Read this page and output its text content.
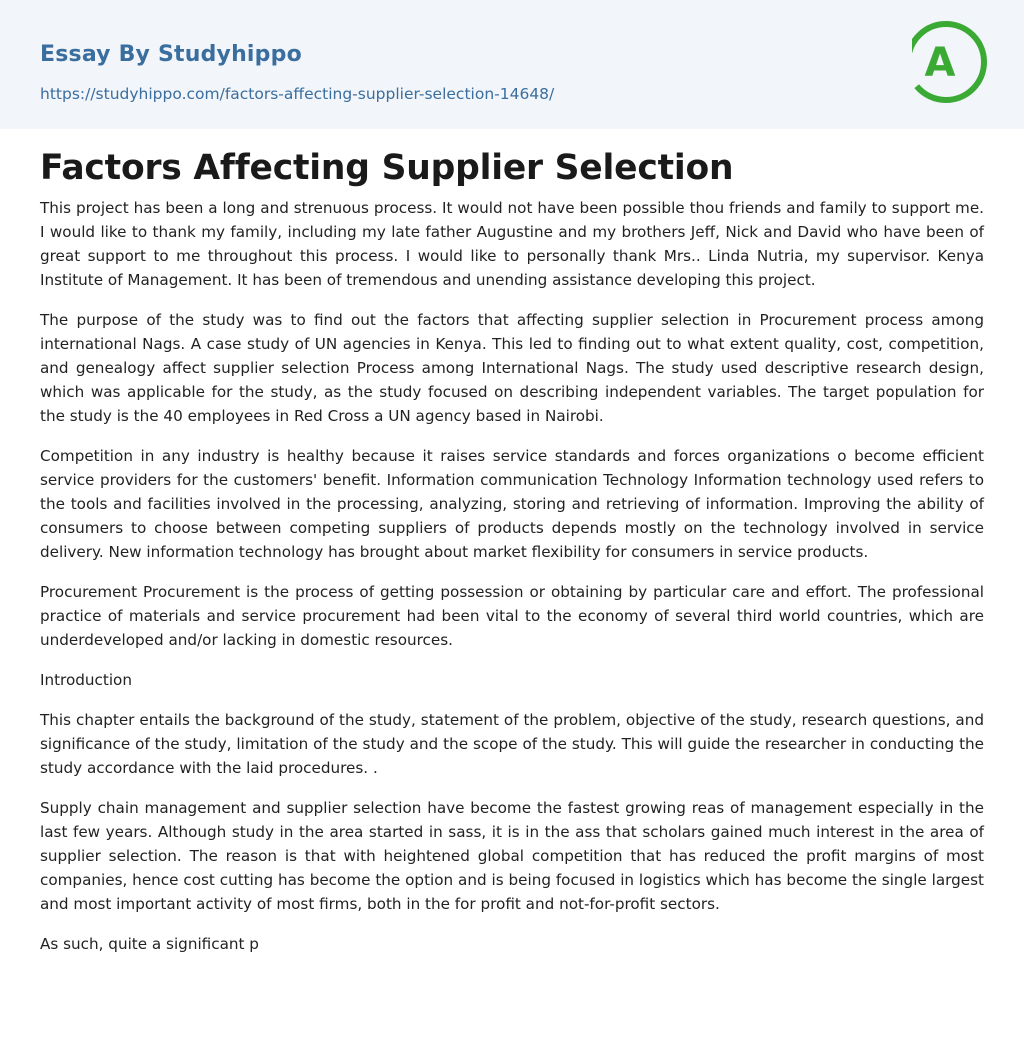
Essay By Studyhippo
https://studyhippo.com/factors-affecting-supplier-selection-14648/
A
Factors Affecting Supplier Selection

This project has been a long and strenuous process. It would not have been possible thou friends and family to support me. I would like to thank my family, including my late father Augustine and my brothers Jeff, Nick and David who have been of great support to me throughout this process. I would like to personally thank Mrs.. Linda Nutria, my supervisor. Kenya Institute of Management. It has been of tremendous and unending assistance developing this project.

The purpose of the study was to find out the factors that affecting supplier selection in Procurement process among international Nags. A case study of UN agencies in Kenya. This led to finding out to what extent quality, cost, competition, and genealogy affect supplier selection Process among International Nags. The study used descriptive research design, which was applicable for the study, as the study focused on describing independent variables. The target population for the study is the 40 employees in Red Cross a UN agency based in Nairobi.

Competition in any industry is healthy because it raises service standards and forces organizations o become efficient service providers for the customers' benefit. Information communication Technology Information technology used refers to the tools and facilities involved in the processing, analyzing, storing and retrieving of information. Improving the ability of consumers to choose between competing suppliers of products depends mostly on the technology involved in service delivery. New information technology has brought about market flexibility for consumers in service products.

Procurement Procurement is the process of getting possession or obtaining by particular care and effort. The professional practice of materials and service procurement had been vital to the economy of several third world countries, which are underdeveloped and/or lacking in domestic resources.

Introduction

This chapter entails the background of the study, statement of the problem, objective of the study, research questions, and significance of the study, limitation of the study and the scope of the study. This will guide the researcher in conducting the study accordance with the laid procedures. .

Supply chain management and supplier selection have become the fastest growing reas of management especially in the last few years. Although study in the area started in sass, it is in the ass that scholars gained much interest in the area of supplier selection. The reason is that with heightened global competition that has reduced the profit margins of most companies, hence cost cutting has become the option and is being focused in logistics which has become the single largest and most important activity of most firms, both in the for profit and not-for-profit sectors.

As such, quite a significant p
